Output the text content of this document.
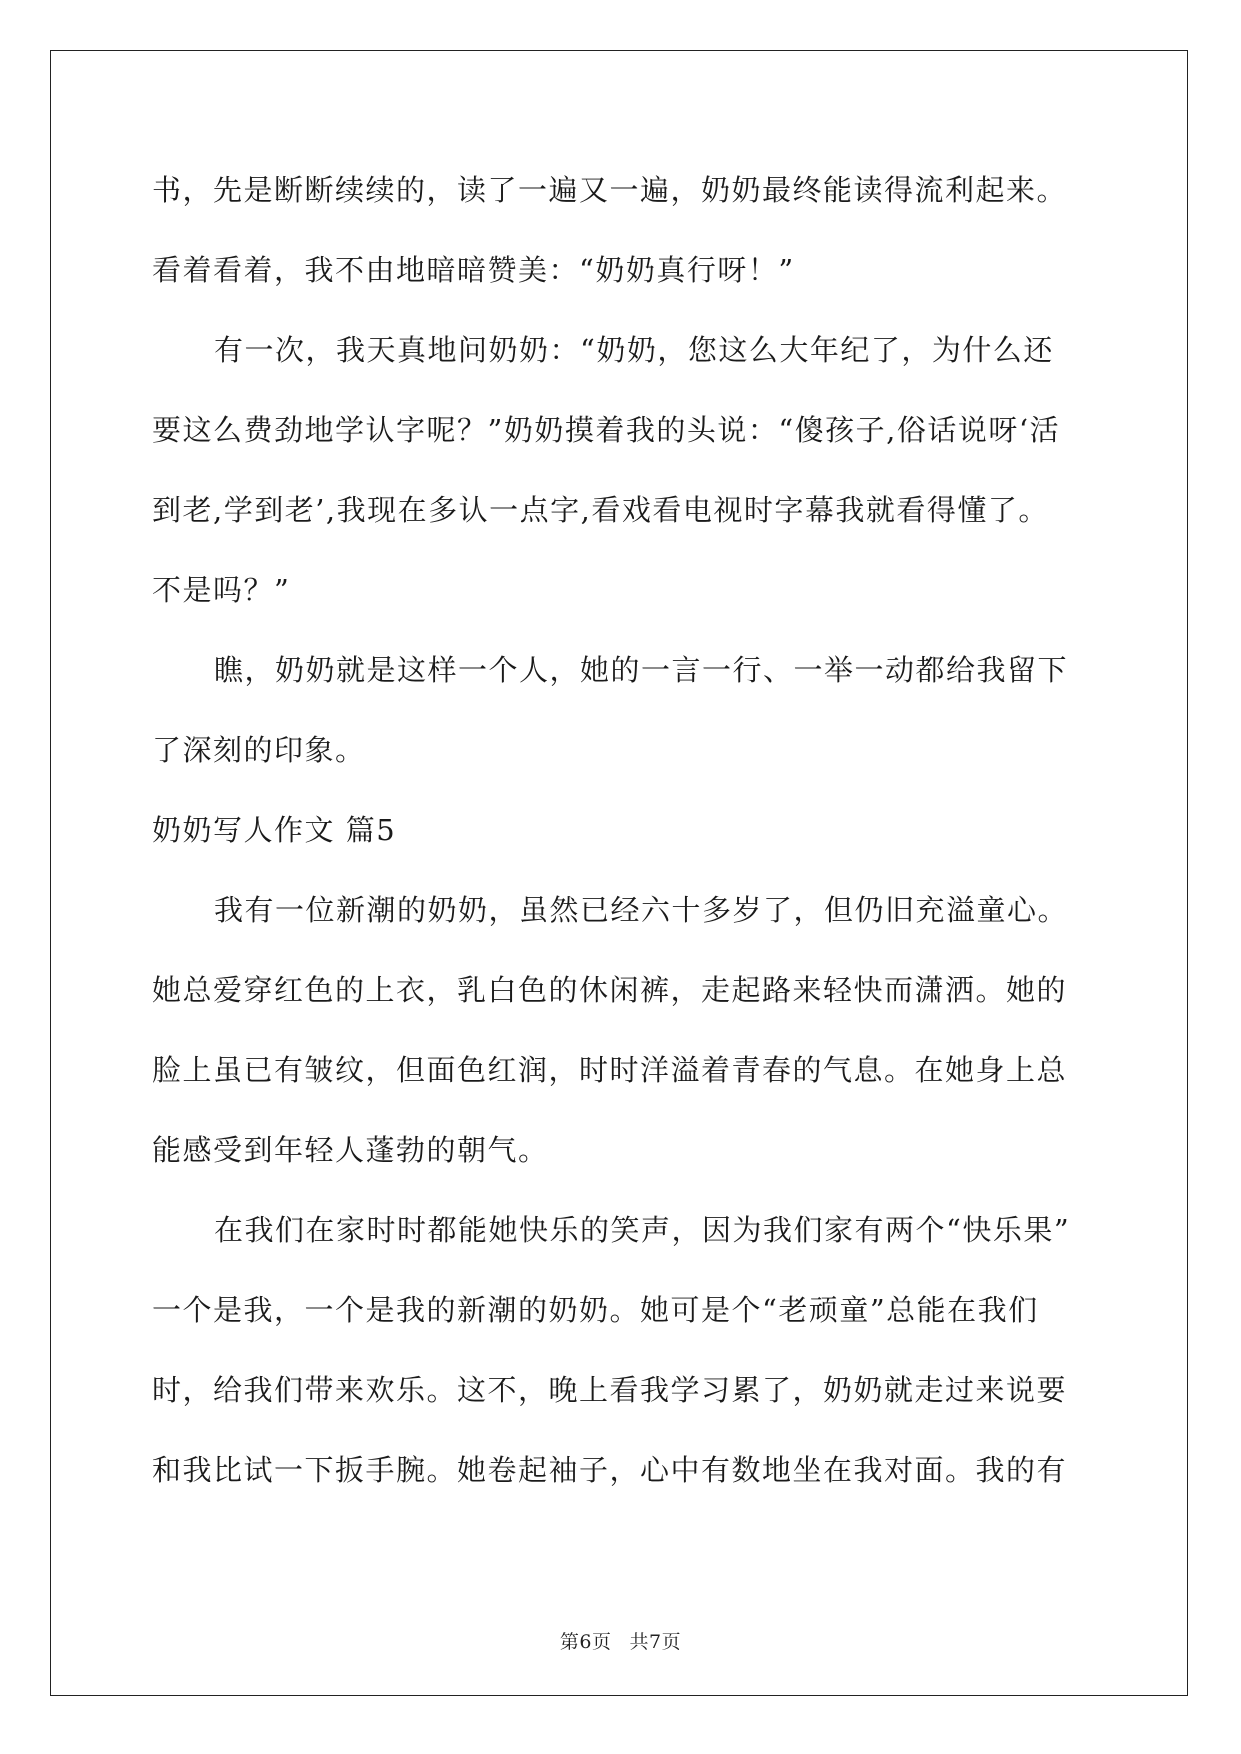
书，先是断断续续的，读了一遍又一遍，奶奶最终能读得流利起来。
看着看着，我不由地暗暗赞美：“奶奶真行呀！”
有一次，我天真地问奶奶：“奶奶，您这么大年纪了，为什么还
要这么费劲地学认字呢？”奶奶摸着我的头说：“傻孩子,俗话说呀‘活
到老,学到老’,我现在多认一点字,看戏看电视时字幕我就看得懂了。
不是吗？”
瞧，奶奶就是这样一个人，她的一言一行、一举一动都给我留下
了深刻的印象。
奶奶写人作文 篇5
我有一位新潮的奶奶，虽然已经六十多岁了，但仍旧充溢童心。
她总爱穿红色的上衣，乳白色的休闲裤，走起路来轻快而潇洒。她的
脸上虽已有皱纹，但面色红润，时时洋溢着青春的气息。在她身上总
能感受到年轻人蓬勃的朝气。
在我们在家时时都能她快乐的笑声，因为我们家有两个“快乐果”
一个是我，一个是我的新潮的奶奶。她可是个“老顽童”总能在我们
时，给我们带来欢乐。这不，晚上看我学习累了，奶奶就走过来说要
和我比试一下扳手腕。她卷起袖子，心中有数地坐在我对面。我的有
第6页 共7页
